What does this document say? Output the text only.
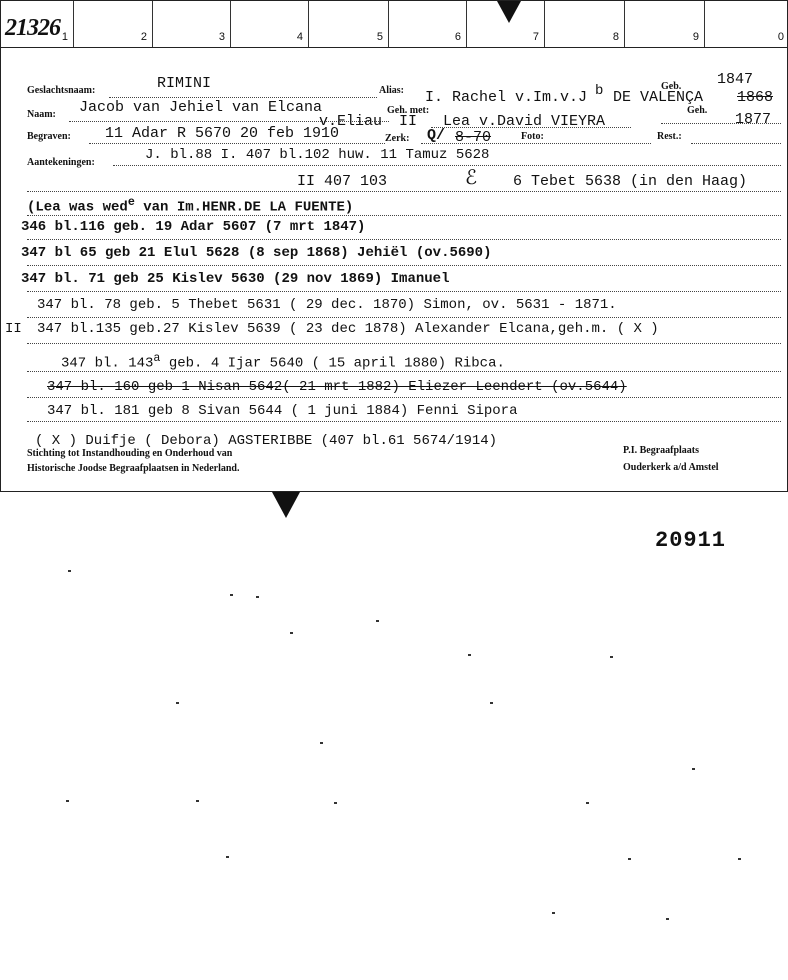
21326 1	2	3	4	5	6	7	8	9	0
Geslachtsnaam:	RIMINI	Alias: I. Rachel v.Im.v.J b DE VALENÇA
Geb. 1847
1868
Naam: Jacob van Jehiel van Elcana
v.Eliau
Geh. met:
II Lea v.David VIEYRA
Geh.
1877
Begraven: 11 Adar R 5670 20 feb 1910	Zerk: Q/ 8-70	Foto:	Rest.:
Aantekeningen:	J. bl.88 I. 407 bl.102 huw. 11 Tamuz 5628
II 407 103	ℰ 6 Tebet 5638 (in den Haag)
(Lea was wed$^e$ van Im.HENR.DE LA FUENTE)
346 bl.116 geb. 19 Adar 5607 (7 mrt 1847)
347 bl 65 geb 21 Elul 5628 (8 sep 1868) Jehiël (ov.5690)
347 bl. 71 geb 25 Kislev 5630 (29 nov 1869) Imanuel
347 bl. 78 geb. 5 Thebet 5631 ( 29 dec. 1870) Simon, ov. 5631 - 1871.
II 347 bl.135 geb.27 Kislev 5639 ( 23 dec 1878) Alexander Elcana,geh.m. ( X )
347 bl. 143$^a$ geb. 4 Ijar 5640 ( 15 april 1880) Ribca.
347 bl. 160 geb 1 Nisan 5642( 21 mrt 1882) Eliezer Leendert (ov.5644)
347 bl. 181 geb 8 Sivan 5644 ( 1 juni 1884) Fenni Sipora
( X ) Duifje ( Debora) AGSTERIBBE (407 bl.61 5674/1914)
Stichting tot Instandhouding en Onderhoud van
Historische Joodse Begraafplaatsen in Nederland.
P.I. Begraafplaats
Ouderkerk a/d Amstel
20911
